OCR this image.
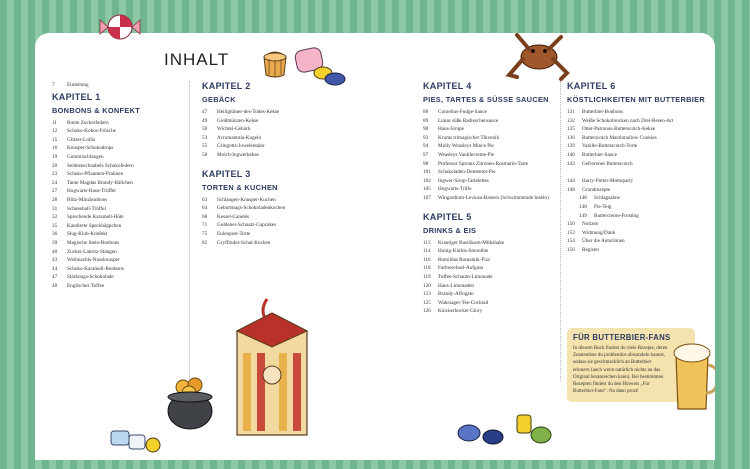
INHALT
7	Einleitung
KAPITEL 1
BONBONS & KONFEKT
11	Bunte Zuckerfedern
12	Schoko-Kokos-Frösche
15	Glitzer-Lollis
16	Knusper-Schokodrops
19	Gummischlangen
20	Seideenschnabels Schokofedern
23	Schoko-Pflaumen-Pralinen
24	Tante Magdas Brandy-Bällchen
27	Hogwarts-Haus-Trüffel
28	Blitz-Minzbonbons
31	Schneeball-Trüffel
32	Sprechende Karamell-Hüte
35	Kandierte Speckhäppchen
36	Slug-Klub-Konfekt
39	Magische Stein-Bonbons
40	Zucker-Lakritz-Stangen
43	Weihnachts-Nussknusper
44	Schoko-Karamell-Bonbons
47	Stärkungs-Schokolade
48	Englisches Toffee
KAPITEL 2
GEBÄCK
47	Heiligtümer-des-Todes-Kekse
49	Goldmünzen-Kekse
50	Wichtel-Gebäck
53	Acromantula-Kugeln
55	Gringotts-Juwelentaler
58	Molch-Ingwerkekse
KAPITEL 3
TORTEN & KUCHEN
63	Schlangen-Knusper-Kuchen
64	Geburtstags-Schokoladenkuchen
68	Kessel-Canelés
71	Goldener-Schnatz-Cupcakes
75	Eulenpost-Torte
82	Gryffindor-Schal-Kuchen
KAPITEL 4
PIES, TARTES & SÜSSE SAUCEN
88	Cornelius-Fudge-Sauce
89	Lunas süße Radieschensauce
90	Haus-Sirupe
93	Krums trimagischer Tikvenik
94	Molly Weasleys Mince Pie
97	Weasleys Vanillecreme-Pie
98	Professor Sprouts Zitronen-Rosmarin-Tarte
101	Schokoladen-Dementor-Pie
102	Ingwer-Sirup-Tartelettes
105	Hogwarts-Trifle
107	Wingardium-Leviosa-Baisers (Schwimmende Inseln)
KAPITEL 5
DRINKS & EIS
113	Krautiger Basilikum-Milkshake
114	Honig-Kürbis-Smoothie
116	Romildas Romantik-Fizz
118	Farbwechsel-Aufguss
119	Toffee-Schaum-Limonade
120	Haus-Limonaden
123	Brandy-Affogato
125	Wahrsager-Tee-Cocktail
126	Knickerbocker Glory
KAPITEL 6
KÖSTLICHKEITEN MIT BUTTERBIER
131	Butterbier-Bonbons
132	Weiße Schokobrocken nach Drei-Besen-Art
135	Otter-Patronus-Butterscotch-Kekse
136	Butterscotch Marshmallow Cookies
139	Vanille-Butterscotch-Torte
140	Butterbier-Sauce
143	Gefrorenes Butterscotch
144	Harry-Potter-Mottoparty
148	Grundrezepte
148	Schlagsahne
148	Pie-Teig
149	Buttercreme-Frosting
150	Notizen
153	Widmung/Dank
154	Über die Autorinnen
156	Register
FÜR BUTTERBIER-FANS
In diesem Buch findest du viele Rezepte, deren Zutatenliste du problemlos abwandeln kannst, sodass sie geschmacklich an Butterbier erinnern (auch wenn natürlich nichts an das Original heranreichen kann). Bei bestimmten Rezepten findest du den Hinweis „Für Butterbier-Fans“. Na dann prost!
